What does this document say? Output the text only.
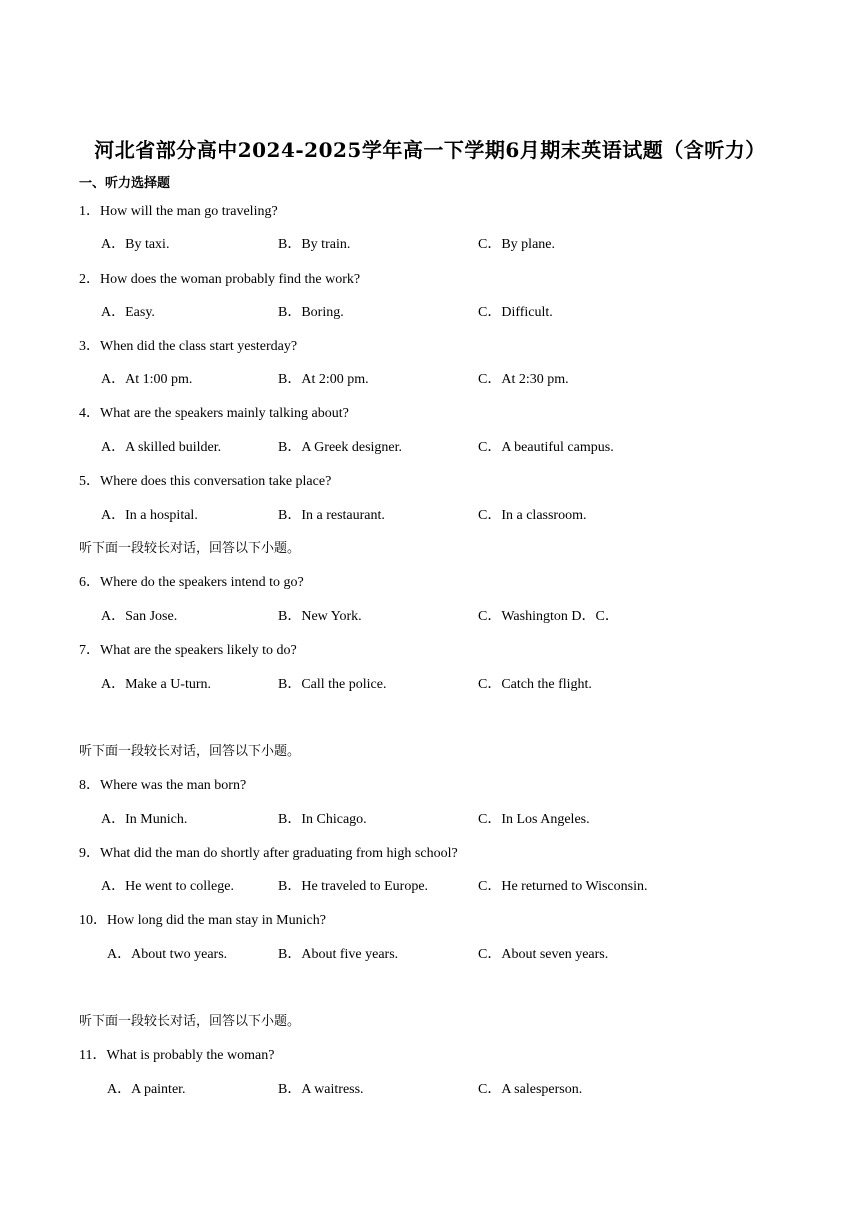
河北省部分高中2024-2025学年高一下学期6月期末英语试题（含听力）
一、听力选择题
1．How will the man go traveling?
A．By taxi.	B．By train.	C．By plane.
2．How does the woman probably find the work?
A．Easy.	B．Boring.	C．Difficult.
3．When did the class start yesterday?
A．At 1:00 pm.	B．At 2:00 pm.	C．At 2:30 pm.
4．What are the speakers mainly talking about?
A．A skilled builder.	B．A Greek designer.	C．A beautiful campus.
5．Where does this conversation take place?
A．In a hospital.	B．In a restaurant.	C．In a classroom.
听下面一段较长对话，回答以下小题。
6．Where do the speakers intend to go?
A．San Jose.	B．New York.	C．Washington D．C．
7．What are the speakers likely to do?
A．Make a U-turn.	B．Call the police.	C．Catch the flight.
听下面一段较长对话，回答以下小题。
8．Where was the man born?
A．In Munich.	B．In Chicago.	C．In Los Angeles.
9．What did the man do shortly after graduating from high school?
A．He went to college.	B．He traveled to Europe.	C．He returned to Wisconsin.
10．How long did the man stay in Munich?
A．About two years.	B．About five years.	C．About seven years.
听下面一段较长对话，回答以下小题。
11．What is probably the woman?
A．A painter.	B．A waitress.	C．A salesperson.
